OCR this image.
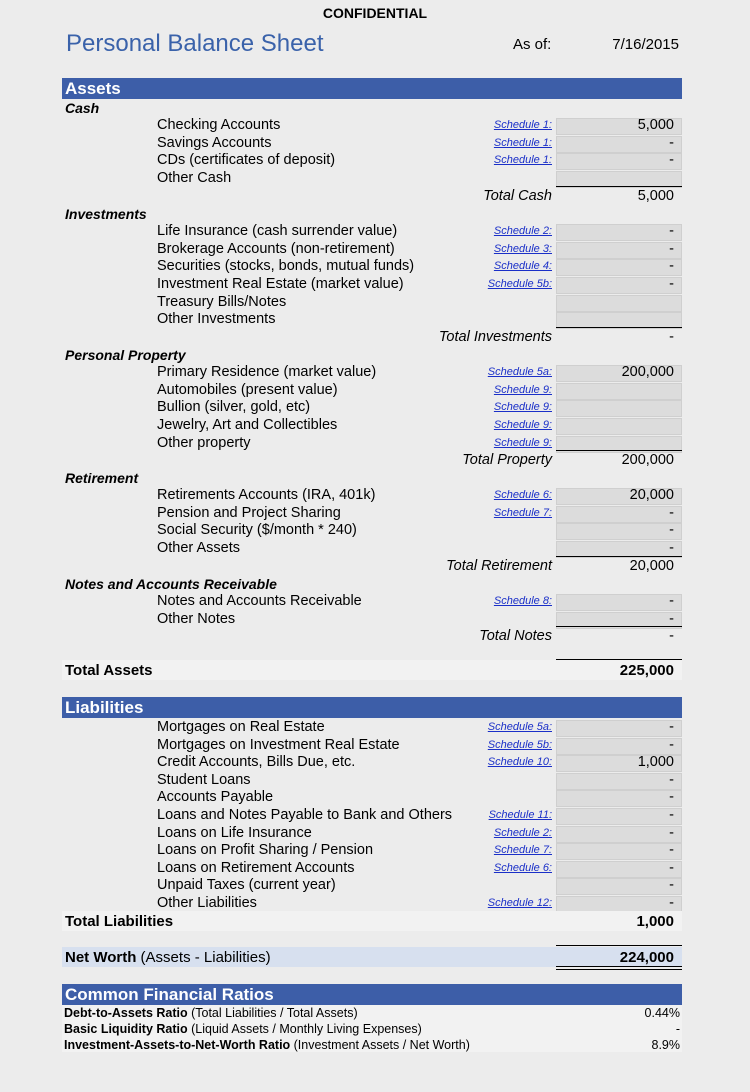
CONFIDENTIAL
Personal Balance Sheet	As of:	7/16/2015
Assets
Cash
Checking Accounts	Schedule 1:	5,000
Savings Accounts	Schedule 1:	-
CDs (certificates of deposit)	Schedule 1:	-
Other Cash
Total Cash	5,000
Investments
Life Insurance (cash surrender value)	Schedule 2:	-
Brokerage Accounts (non-retirement)	Schedule 3:	-
Securities (stocks, bonds, mutual funds)	Schedule 4:	-
Investment Real Estate (market value)	Schedule 5b:	-
Treasury Bills/Notes
Other Investments
Total Investments	-
Personal Property
Primary Residence (market value)	Schedule 5a:	200,000
Automobiles (present value)	Schedule 9:
Bullion (silver, gold, etc)	Schedule 9:
Jewelry, Art and Collectibles	Schedule 9:
Other property	Schedule 9:
Total Property	200,000
Retirement
Retirements Accounts (IRA, 401k)	Schedule 6:	20,000
Pension and Project Sharing	Schedule 7:	-
Social Security ($/month * 240)	-
Other Assets	-
Total Retirement	20,000
Notes and Accounts Receivable
Notes and Accounts Receivable	Schedule 8:	-
Other Notes	-
Total Notes	-
Total Assets	225,000
Liabilities
Mortgages on Real Estate	Schedule 5a:	-
Mortgages on Investment Real Estate	Schedule 5b:	-
Credit Accounts, Bills Due, etc.	Schedule 10:	1,000
Student Loans	-
Accounts Payable	-
Loans and Notes Payable to Bank and Others	Schedule 11:	-
Loans on Life Insurance	Schedule 2:	-
Loans on Profit Sharing / Pension	Schedule 7:	-
Loans on Retirement Accounts	Schedule 6:	-
Unpaid Taxes (current year)	-
Other Liabilities	Schedule 12:	-
Total Liabilities	1,000
Net Worth (Assets - Liabilities)	224,000
Common Financial Ratios
Debt-to-Assets Ratio (Total Liabilities / Total Assets)	0.44%
Basic Liquidity Ratio (Liquid Assets / Monthly Living Expenses)	-
Investment-Assets-to-Net-Worth Ratio (Investment Assets / Net Worth)	8.9%
